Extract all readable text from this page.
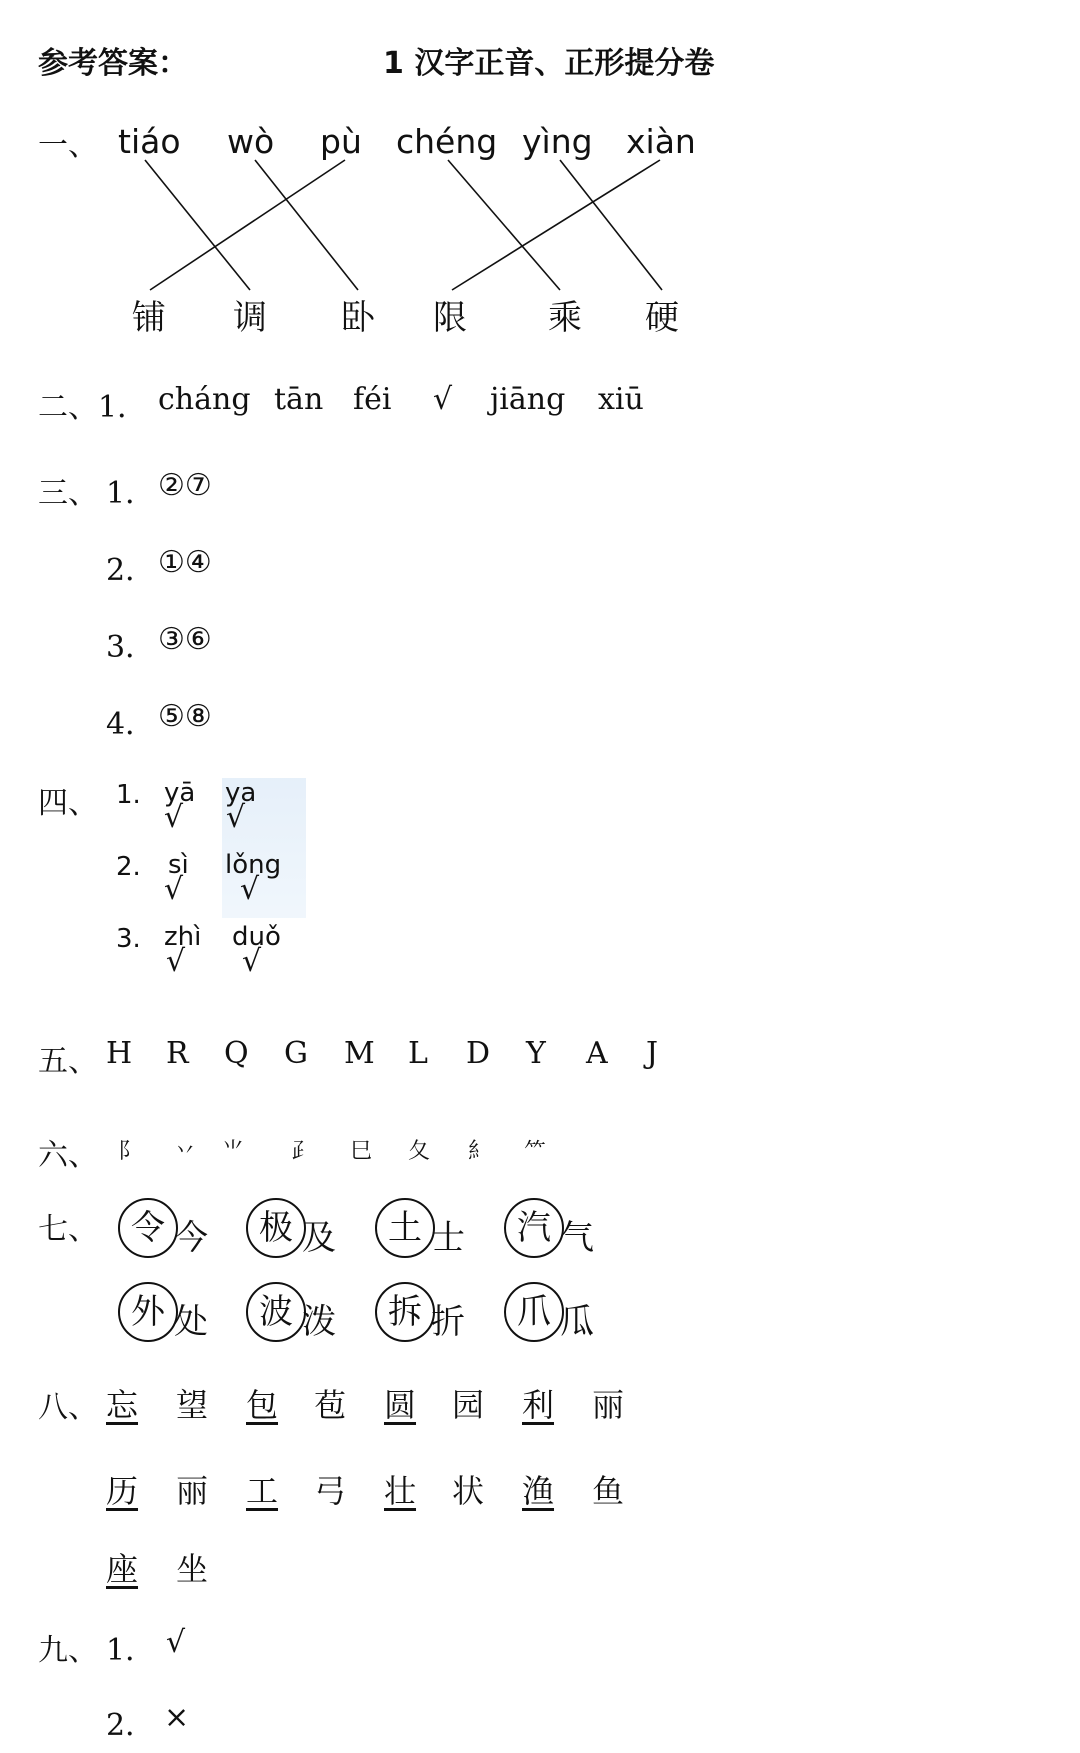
参考答案：	1 汉字正音、正形提分卷
一、 tiáo wò pù chéng yìng xiàn
铺 调 卧 限 乘 硬
二、1． cháng tān féi √ jiāng xiū
三、 1． ②⑦
2． ①④
3． ③⑥
4． ⑤⑧
四、 1. yā ya
√ √
2. sì lǒng
√ √
3. zhì duǒ
√ √
五、 H R Q G M L D Y A J
六、 ⻖ 丷 ⺌ ⺪ ⺒ 夂 ⺯ ⺮
七、 令 今	极 及	土 士	汽 气
外 处	波 泼	拆 折	爪 瓜
八、 忘 望 包 苞 圆 园 利 丽
历 丽 工 弓 壮 状 渔 鱼
座 坐
九、 1． √
2． ×
